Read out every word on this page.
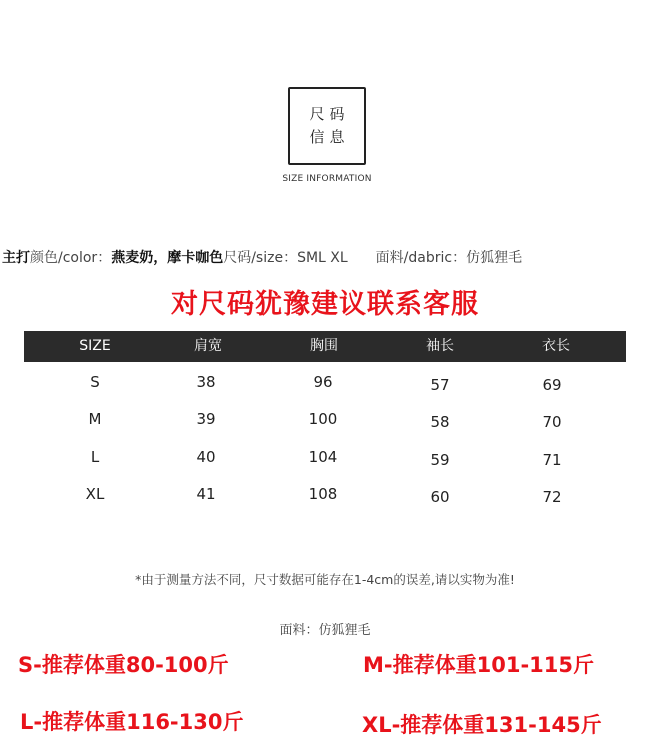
尺码
信息
SIZE INFORMATION
主打颜色/color：燕麦奶，摩卡咖色尺码/size：SML XL 面料/dabric：仿狐狸毛
对尺码犹豫建议联系客服
SIZE	肩宽	胸围	袖长	衣长
S	38	96	57	69
M	39	100	58	70
L	40	104	59	71
XL	41	108	60	72
*由于测量方法不同，尺寸数据可能存在1-4cm的误差,请以实物为准!
面料：仿狐狸毛
S-推荐体重80-100斤	M-推荐体重101-115斤
L-推荐体重116-130斤	XL-推荐体重131-145斤
